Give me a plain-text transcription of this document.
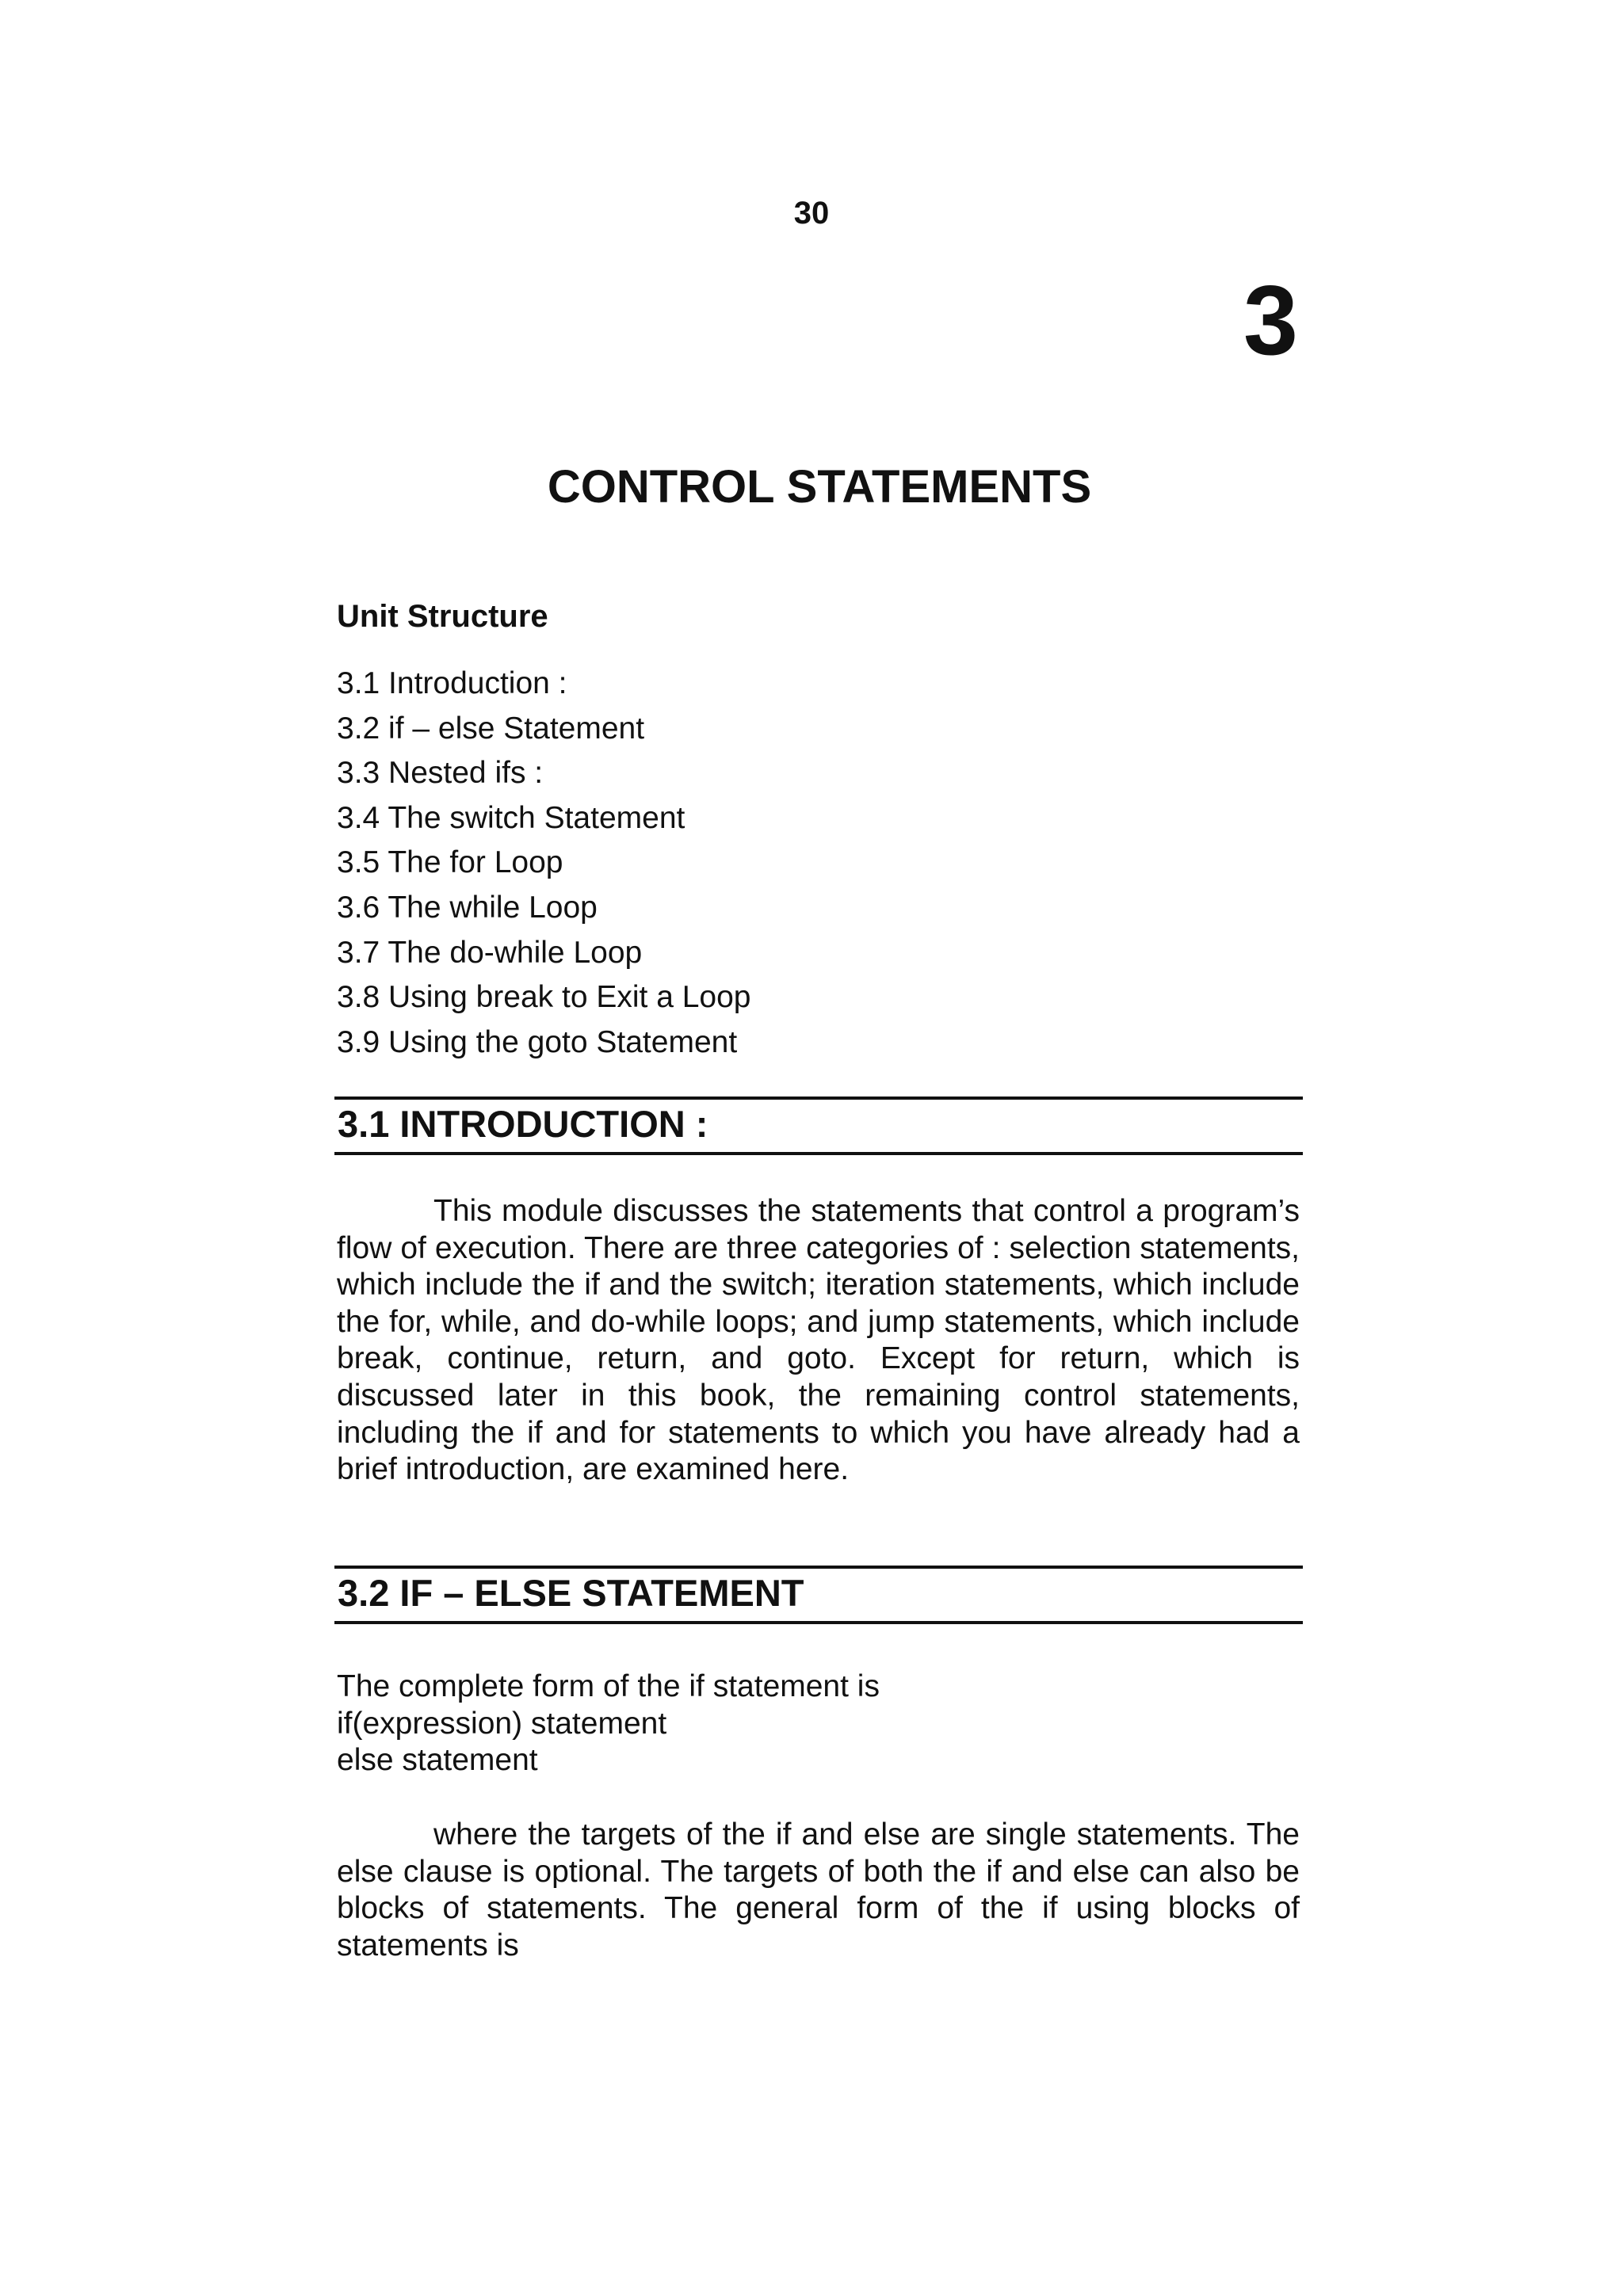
30
3
CONTROL STATEMENTS
Unit Structure
3.1 Introduction :
3.2 if – else Statement
3.3 Nested ifs :
3.4 The switch Statement
3.5 The for Loop
3.6 The while Loop
3.7 The do-while Loop
3.8 Using break to Exit a Loop
3.9 Using the goto Statement
3.1 INTRODUCTION :

This module discusses the statements that control a program’s flow of execution. There are three categories of : selection statements, which include the if and the switch; iteration statements, which include the for, while, and do-while loops; and jump statements, which include break, continue, return, and goto. Except for return, which is discussed later in this book, the remaining control statements, including the if and for statements to which you have already had a brief introduction, are examined here.

3.2 IF – ELSE STATEMENT
The complete form of the if statement is
if(expression) statement
else statement

where the targets of the if and else are single statements. The else clause is optional. The targets of both the if and else can also be blocks of statements. The general form of the if using blocks of statements is
